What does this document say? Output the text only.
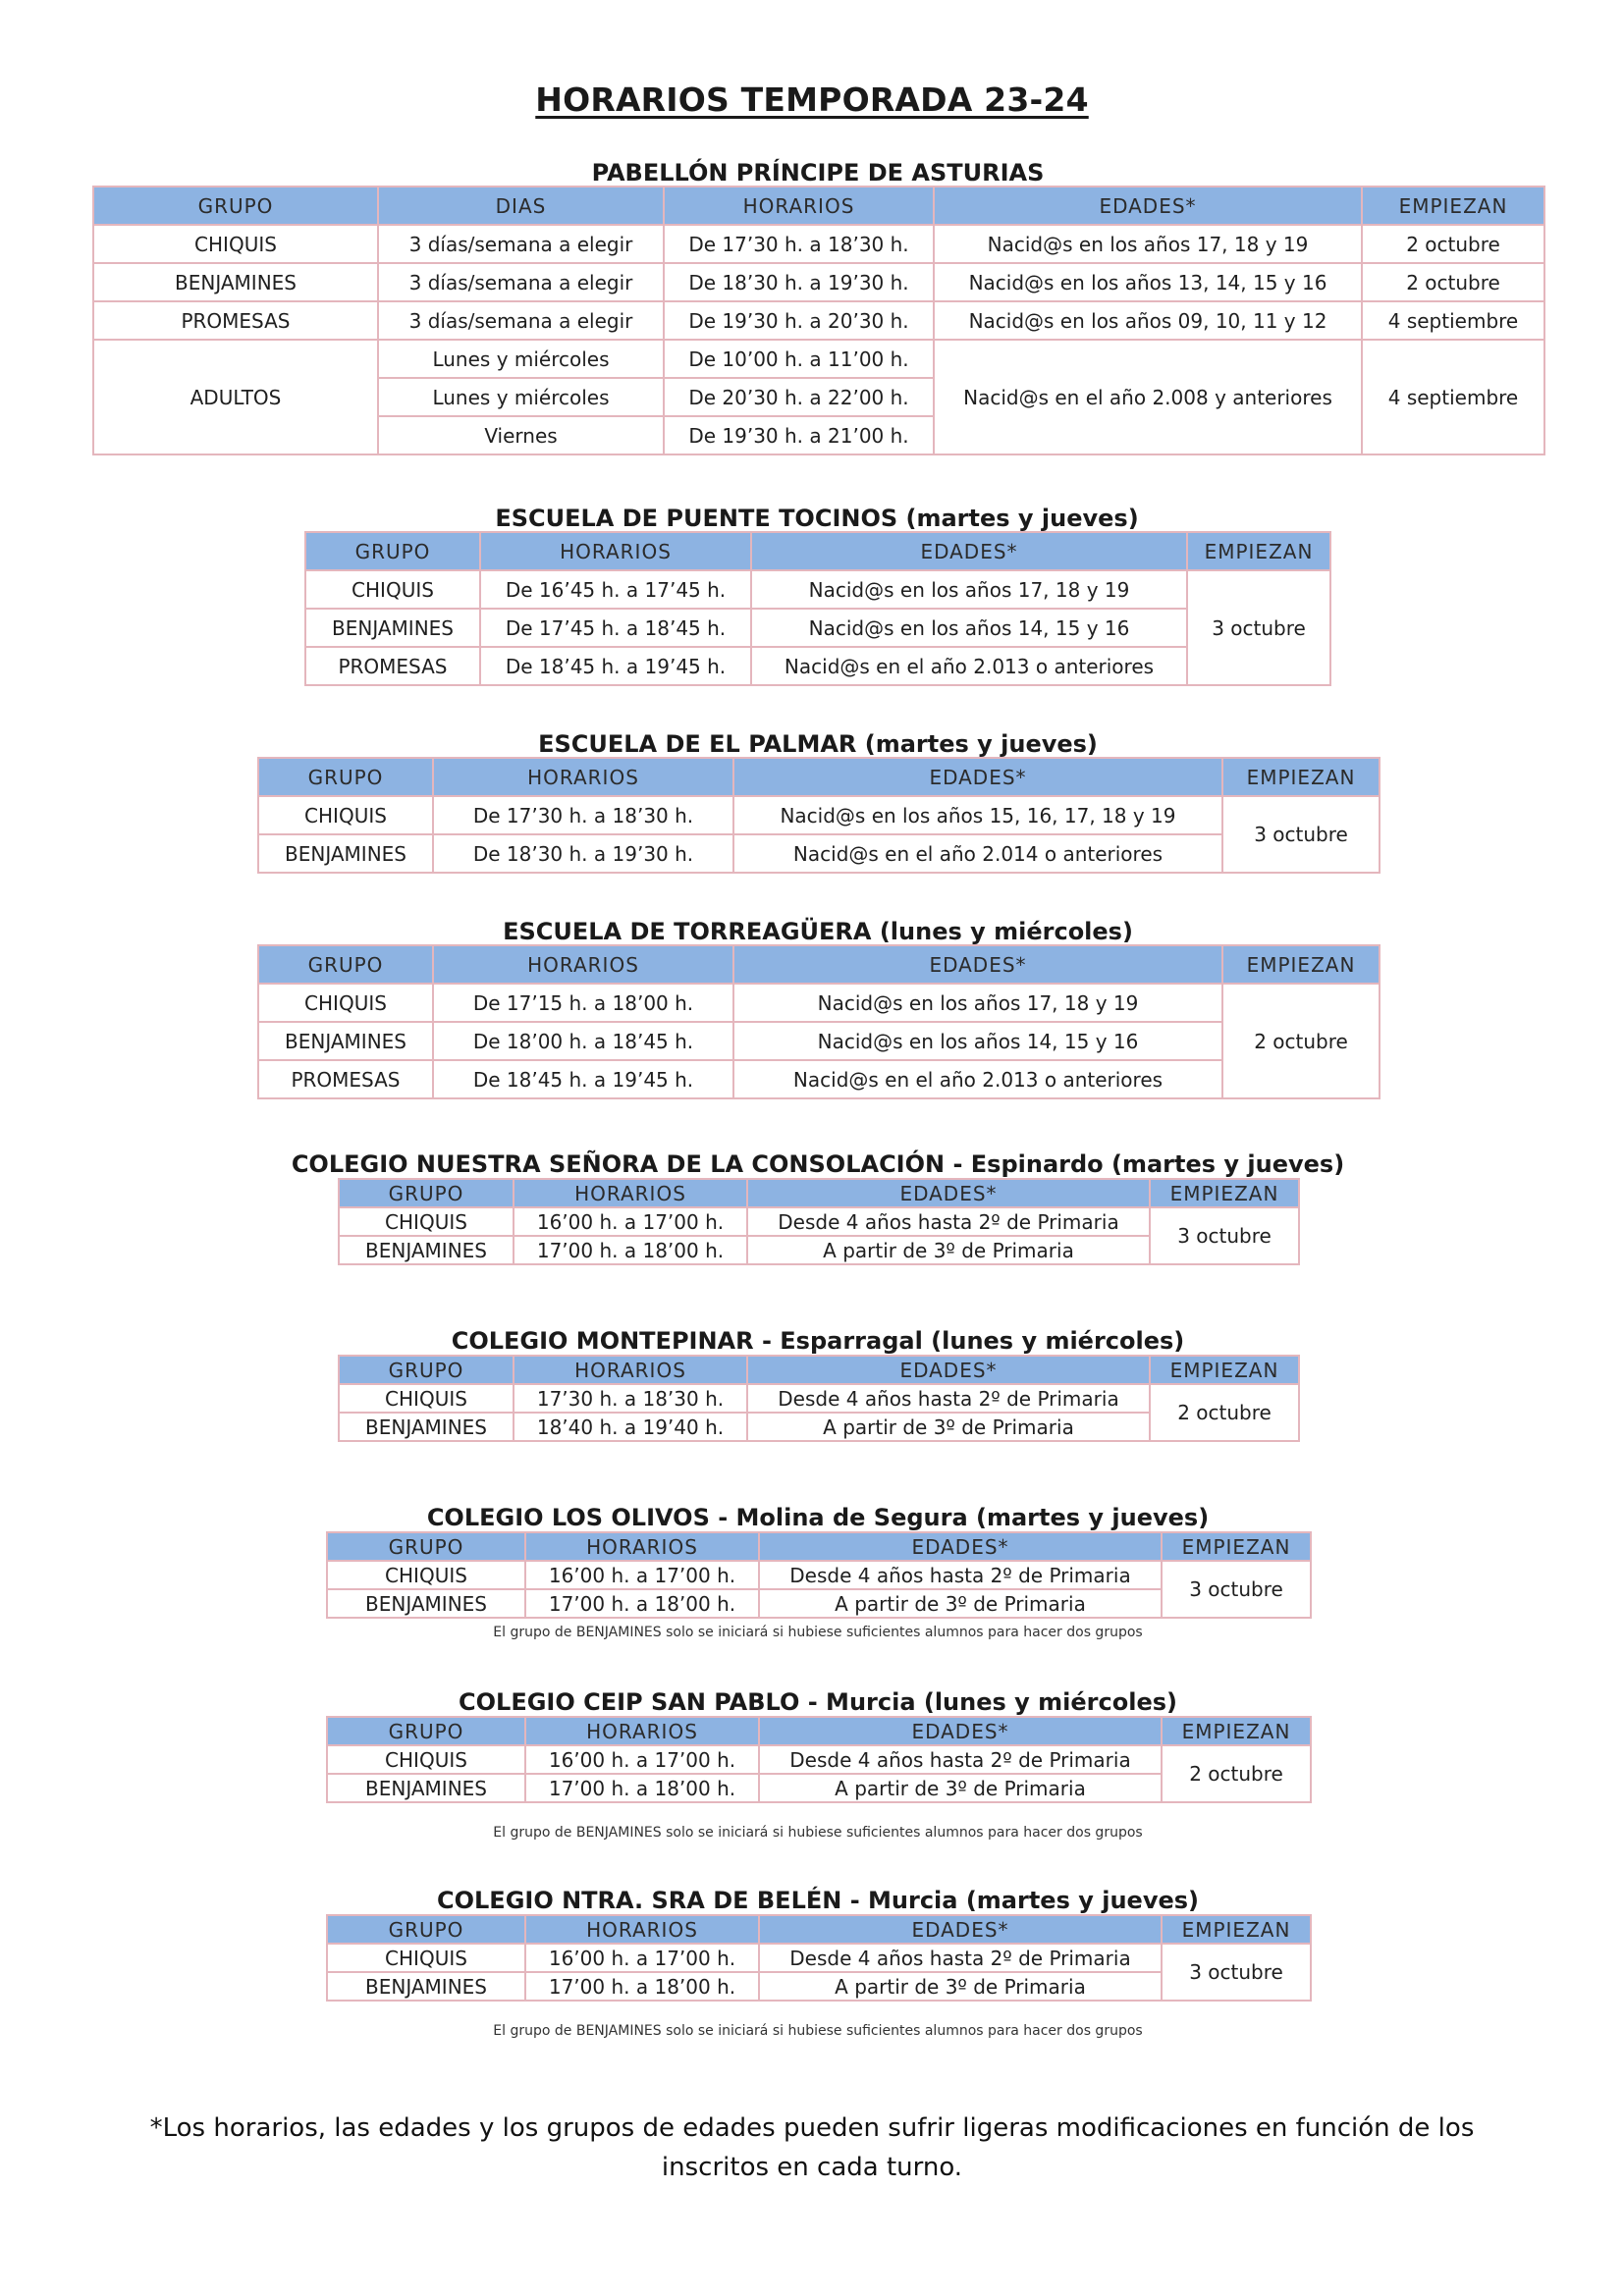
HORARIOS TEMPORADA 23-24
PABELLÓN PRÍNCIPE DE ASTURIAS
GRUPO	DIAS	HORARIOS	EDADES*	EMPIEZAN
CHIQUIS	3 días/semana a elegir	De 17’30 h. a 18’30 h.	Nacid@s en los años 17, 18 y 19	2 octubre
BENJAMINES	3 días/semana a elegir	De 18’30 h. a 19’30 h.	Nacid@s en los años 13, 14, 15 y 16	2 octubre
PROMESAS	3 días/semana a elegir	De 19’30 h. a 20’30 h.	Nacid@s en los años 09, 10, 11 y 12	4 septiembre
ADULTOS	Lunes y miércoles	De 10’00 h. a 11’00 h.	Nacid@s en el año 2.008 y anteriores	4 septiembre
	Lunes y miércoles	De 20’30 h. a 22’00 h.		
	Viernes	De 19’30 h. a 21’00 h.		
ESCUELA DE PUENTE TOCINOS (martes y jueves)
GRUPO	HORARIOS	EDADES*	EMPIEZAN
CHIQUIS	De 16’45 h. a 17’45 h.	Nacid@s en los años 17, 18 y 19	3 octubre
BENJAMINES	De 17’45 h. a 18’45 h.	Nacid@s en los años 14, 15 y 16	
PROMESAS	De 18’45 h. a 19’45 h.	Nacid@s en el año 2.013 o anteriores	
ESCUELA DE EL PALMAR (martes y jueves)
GRUPO	HORARIOS	EDADES*	EMPIEZAN
CHIQUIS	De 17’30 h. a 18’30 h.	Nacid@s en los años 15, 16, 17, 18 y 19	3 octubre
BENJAMINES	De 18’30 h. a 19’30 h.	Nacid@s en el año 2.014 o anteriores	
ESCUELA DE TORREAGÜERA (lunes y miércoles)
GRUPO	HORARIOS	EDADES*	EMPIEZAN
CHIQUIS	De 17’15 h. a 18’00 h.	Nacid@s en los años 17, 18 y 19	2 octubre
BENJAMINES	De 18’00 h. a 18’45 h.	Nacid@s en los años 14, 15 y 16	
PROMESAS	De 18’45 h. a 19’45 h.	Nacid@s en el año 2.013 o anteriores	
COLEGIO NUESTRA SEÑORA DE LA CONSOLACIÓN - Espinardo (martes y jueves)
GRUPO	HORARIOS	EDADES*	EMPIEZAN
CHIQUIS	16’00 h. a 17’00 h.	Desde 4 años hasta 2º de Primaria	3 octubre
BENJAMINES	17’00 h. a 18’00 h.	A partir de 3º de Primaria	
COLEGIO MONTEPINAR - Esparragal (lunes y miércoles)
GRUPO	HORARIOS	EDADES*	EMPIEZAN
CHIQUIS	17’30 h. a 18’30 h.	Desde 4 años hasta 2º de Primaria	2 octubre
BENJAMINES	18’40 h. a 19’40 h.	A partir de 3º de Primaria	
COLEGIO LOS OLIVOS - Molina de Segura (martes y jueves)
GRUPO	HORARIOS	EDADES*	EMPIEZAN
CHIQUIS	16’00 h. a 17’00 h.	Desde 4 años hasta 2º de Primaria	3 octubre
BENJAMINES	17’00 h. a 18’00 h.	A partir de 3º de Primaria	
El grupo de BENJAMINES solo se iniciará si hubiese suficientes alumnos para hacer dos grupos
COLEGIO CEIP SAN PABLO - Murcia (lunes y miércoles)
GRUPO	HORARIOS	EDADES*	EMPIEZAN
CHIQUIS	16’00 h. a 17’00 h.	Desde 4 años hasta 2º de Primaria	2 octubre
BENJAMINES	17’00 h. a 18’00 h.	A partir de 3º de Primaria	
El grupo de BENJAMINES solo se iniciará si hubiese suficientes alumnos para hacer dos grupos
COLEGIO NTRA. SRA DE BELÉN - Murcia (martes y jueves)
GRUPO	HORARIOS	EDADES*	EMPIEZAN
CHIQUIS	16’00 h. a 17’00 h.	Desde 4 años hasta 2º de Primaria	3 octubre
BENJAMINES	17’00 h. a 18’00 h.	A partir de 3º de Primaria	
El grupo de BENJAMINES solo se iniciará si hubiese suficientes alumnos para hacer dos grupos
*Los horarios, las edades y los grupos de edades pueden sufrir ligeras modificaciones en función de los inscritos en cada turno.
